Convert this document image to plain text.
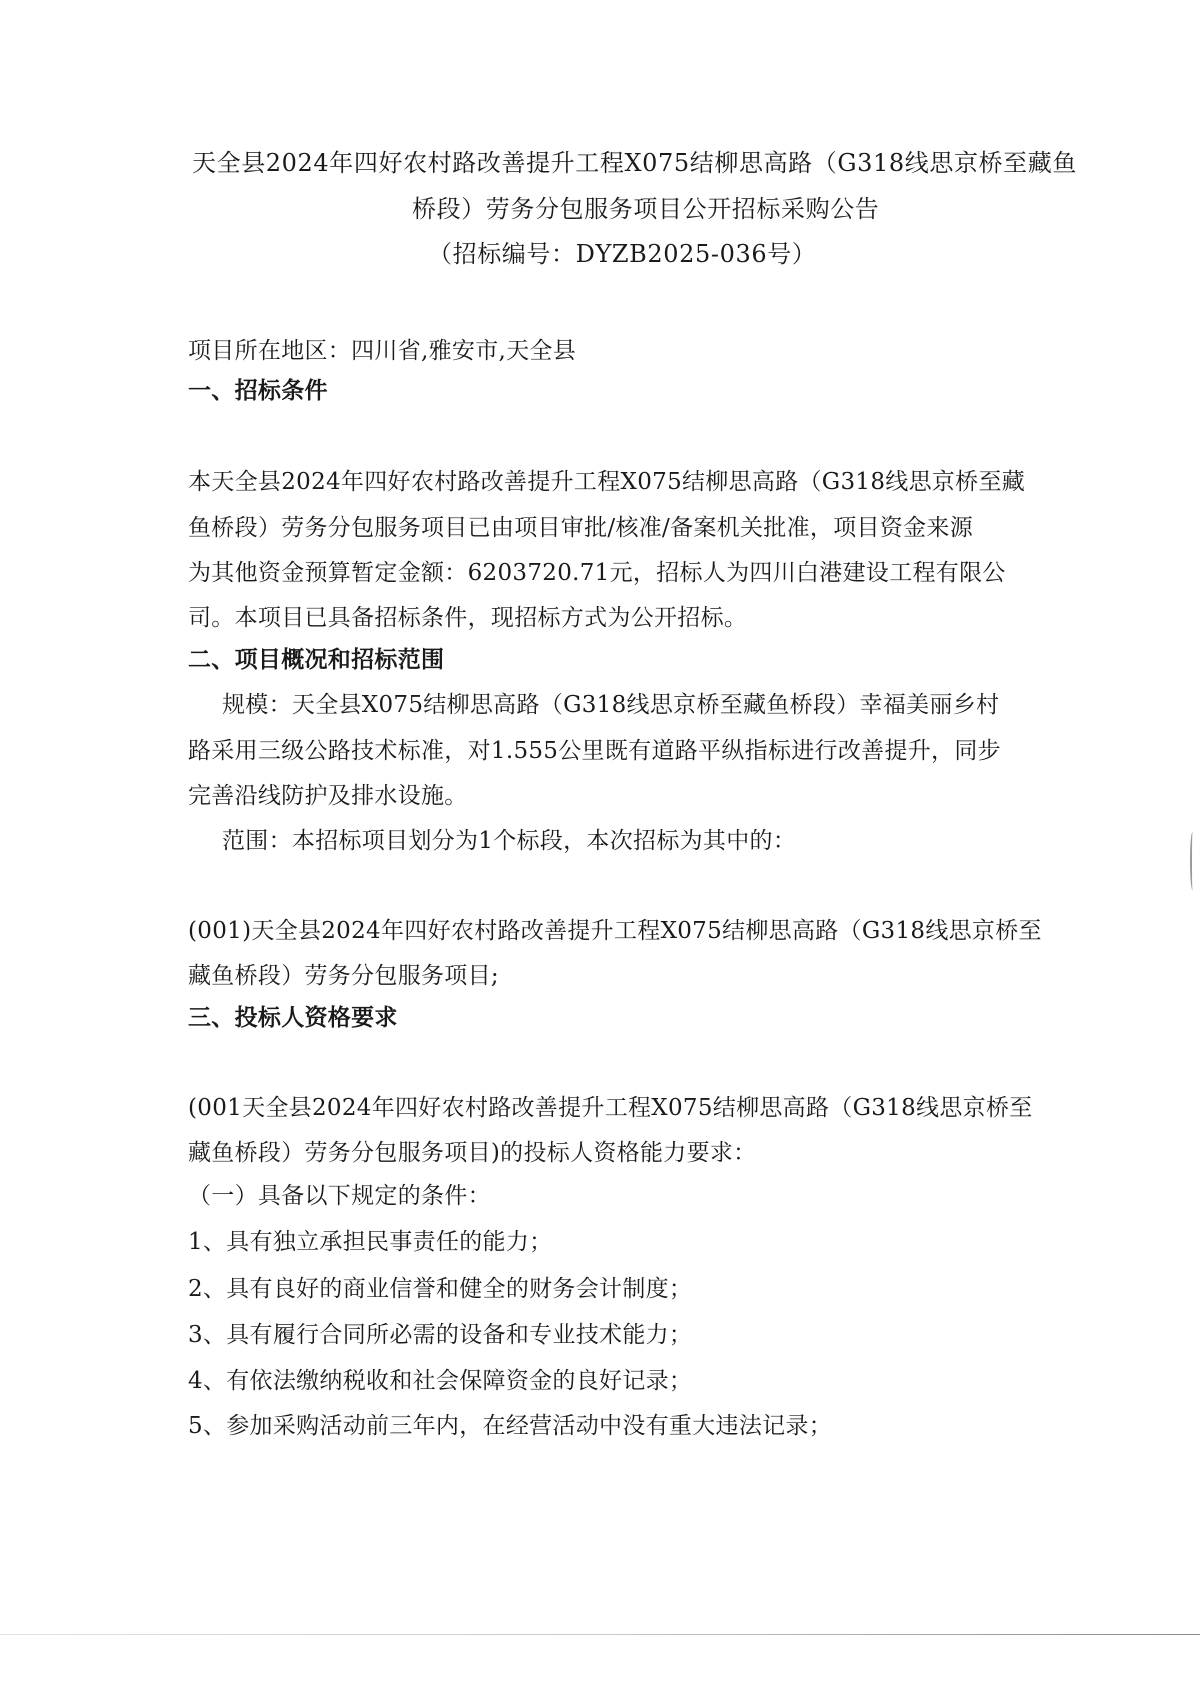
天全县2024年四好农村路改善提升工程X075结柳思高路（G318线思京桥至藏鱼
桥段）劳务分包服务项目公开招标采购公告
（招标编号：DYZB2025-036号）
项目所在地区：四川省,雅安市,天全县
一、招标条件
本天全县2024年四好农村路改善提升工程X075结柳思高路（G318线思京桥至藏
鱼桥段）劳务分包服务项目已由项目审批/核准/备案机关批准，项目资金来源
为其他资金预算暂定金额：6203720.71元，招标人为四川白港建设工程有限公
司。本项目已具备招标条件，现招标方式为公开招标。
二、项目概况和招标范围
规模：天全县X075结柳思高路（G318线思京桥至藏鱼桥段）幸福美丽乡村
路采用三级公路技术标准，对1.555公里既有道路平纵指标进行改善提升，同步
完善沿线防护及排水设施。
范围：本招标项目划分为1个标段，本次招标为其中的：
(001)天全县2024年四好农村路改善提升工程X075结柳思高路（G318线思京桥至
藏鱼桥段）劳务分包服务项目;
三、投标人资格要求
(001天全县2024年四好农村路改善提升工程X075结柳思高路（G318线思京桥至
藏鱼桥段）劳务分包服务项目)的投标人资格能力要求：
（一）具备以下规定的条件：
1、具有独立承担民事责任的能力；
2、具有良好的商业信誉和健全的财务会计制度；
3、具有履行合同所必需的设备和专业技术能力；
4、有依法缴纳税收和社会保障资金的良好记录；
5、参加采购活动前三年内，在经营活动中没有重大违法记录；
